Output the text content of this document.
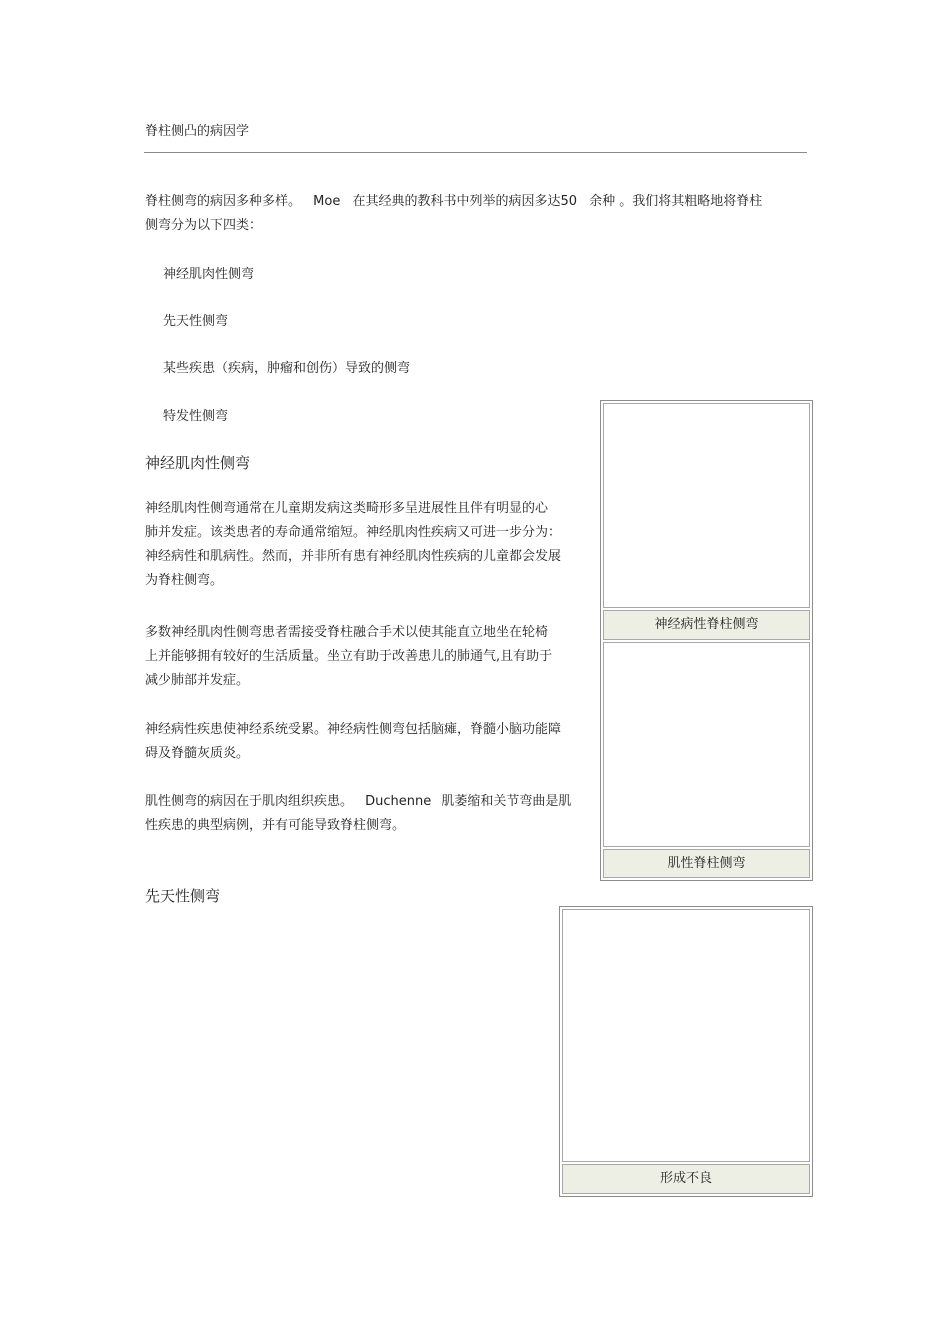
脊柱侧凸的病因学
脊柱侧弯的病因多种多样。 Moe 在其经典的教科书中列举的病因多达50 余种 。我们将其粗略地将脊柱
侧弯分为以下四类：
神经肌肉性侧弯
先天性侧弯
某些疾患（疾病，肿瘤和创伤）导致的侧弯
特发性侧弯
神经肌肉性侧弯
神经肌肉性侧弯通常在儿童期发病这类畸形多呈进展性且伴有明显的心
肺并发症。该类患者的寿命通常缩短。神经肌肉性疾病又可进一步分为：
神经病性和肌病性。然而，并非所有患有神经肌肉性疾病的儿童都会发展
为脊柱侧弯。
多数神经肌肉性侧弯患者需接受脊柱融合手术以使其能直立地坐在轮椅
上并能够拥有较好的生活质量。坐立有助于改善患儿的肺通气,且有助于
减少肺部并发症。
神经病性疾患使神经系统受累。神经病性侧弯包括脑瘫，脊髓小脑功能障
碍及脊髓灰质炎。
肌性侧弯的病因在于肌肉组织疾患。 Duchenne 肌萎缩和关节弯曲是肌
性疾患的典型病例，并有可能导致脊柱侧弯。
先天性侧弯
神经病性脊柱侧弯
肌性脊柱侧弯
形成不良
